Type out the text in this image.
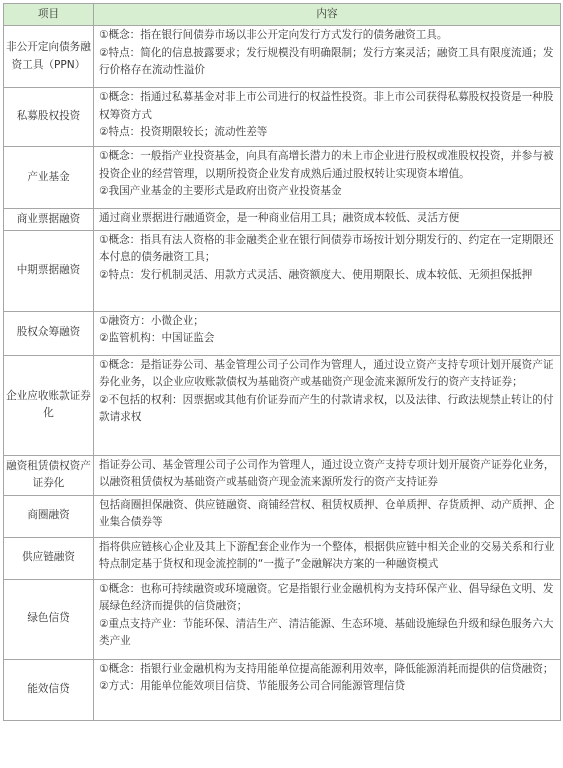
项目	内容
非公开定向债务融资工具（PPN）	①概念：指在银行间债券市场以非公开定向发行方式发行的债务融资工具。
②特点：简化的信息披露要求；发行规模没有明确限制；发行方案灵活；融资工具有限度流通；发行价格存在流动性溢价

私募股权投资	①概念：指通过私募基金对非上市公司进行的权益性投资。非上市公司获得私募股权投资是一种股权筹资方式
②特点：投资期限较长；流动性差等

产业基金	①概念：一般指产业投资基金，向具有高增长潜力的未上市企业进行股权或准股权投资，并参与被投资企业的经营管理，以期所投资企业发育成熟后通过股权转让实现资本增值。
②我国产业基金的主要形式是政府出资产业投资基金

商业票据融资	通过商业票据进行融通资金，是一种商业信用工具；融资成本较低、灵活方便

中期票据融资	①概念：指具有法人资格的非金融类企业在银行间债券市场按计划分期发行的、约定在一定期限还本付息的债务融资工具；
②特点：发行机制灵活、用款方式灵活、融资额度大、使用期限长、成本较低、无须担保抵押

股权众筹融资	①融资方：小微企业；
②监管机构：中国证监会

企业应收账款证券化	①概念：是指证券公司、基金管理公司子公司作为管理人，通过设立资产支持专项计划开展资产证券化业务，以企业应收账款债权为基础资产或基础资产现金流来源所发行的资产支持证券；
②不包括的权利：因票据或其他有价证券而产生的付款请求权，以及法律、行政法规禁止转让的付款请求权

融资租赁债权资产证券化	指证券公司、基金管理公司子公司作为管理人，通过设立资产支持专项计划开展资产证券化业务，以融资租赁债权为基础资产或基础资产现金流来源所发行的资产支持证券

商圈融资	包括商圈担保融资、供应链融资、商铺经营权、租赁权质押、仓单质押、存货质押、动产质押、企业集合债券等

供应链融资	指将供应链核心企业及其上下游配套企业作为一个整体，根据供应链中相关企业的交易关系和行业特点制定基于货权和现金流控制的“一揽子”金融解决方案的一种融资模式

绿色信贷	①概念：也称可持续融资或环境融资。它是指银行业金融机构为支持环保产业、倡导绿色文明、发展绿色经济而提供的信贷融资；
②重点支持产业：节能环保、清洁生产、清洁能源、生态环境、基础设施绿色升级和绿色服务六大类产业

能效信贷	①概念：指银行业金融机构为支持用能单位提高能源利用效率，降低能源消耗而提供的信贷融资；
②方式：用能单位能效项目信贷、节能服务公司合同能源管理信贷
